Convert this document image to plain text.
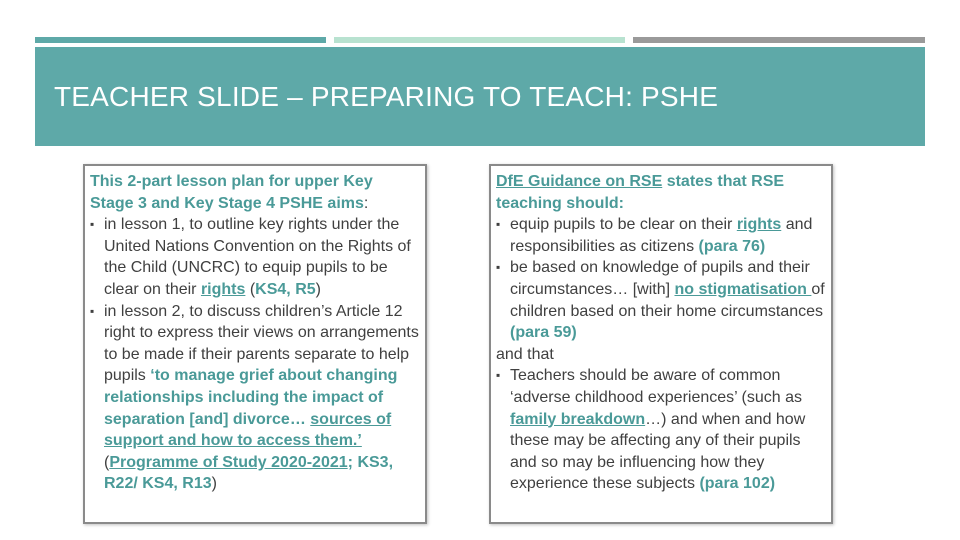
TEACHER SLIDE – PREPARING TO TEACH: PSHE

This 2-part lesson plan for upper Key Stage 3 and Key Stage 4 PSHE aims:

▪ in lesson 1, to outline key rights under the United Nations Convention on the Rights of the Child (UNCRC) to equip pupils to be clear on their rights (KS4, R5)

▪ in lesson 2, to discuss children’s Article 12 right to express their views on arrangements to be made if their parents separate to help pupils ‘to manage grief about changing relationships including the impact of separation [and] divorce… sources of support and how to access them.’ (Programme of Study 2020-2021; KS3, R22/ KS4, R13)

DfE Guidance on RSE states that RSE teaching should:

▪ equip pupils to be clear on their rights and responsibilities as citizens (para 76)

▪ be based on knowledge of pupils and their circumstances… [with] no stigmatisation of children based on their home circumstances (para 59)

and that

▪ Teachers should be aware of common ‘adverse childhood experiences’ (such as family breakdown…) and when and how these may be affecting any of their pupils and so may be influencing how they experience these subjects (para 102)
